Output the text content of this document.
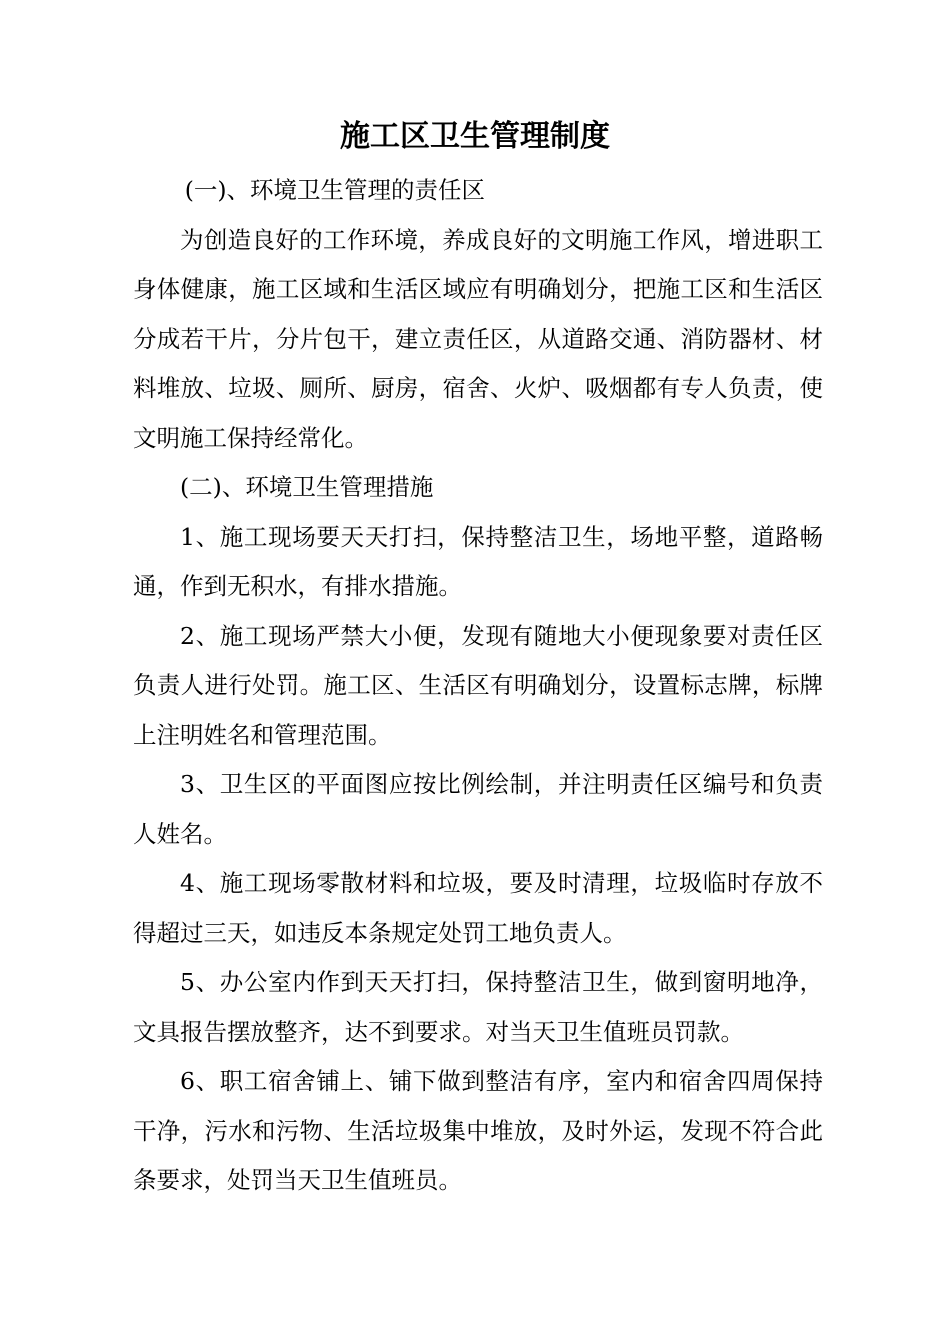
施工区卫生管理制度

(一)、环境卫生管理的责任区

为创造良好的工作环境，养成良好的文明施工作风，增进职工身体健康，施工区域和生活区域应有明确划分，把施工区和生活区分成若干片，分片包干，建立责任区，从道路交通、消防器材、材料堆放、垃圾、厕所、厨房，宿舍、火炉、吸烟都有专人负责，使文明施工保持经常化。

(二)、环境卫生管理措施

1、施工现场要天天打扫，保持整洁卫生，场地平整，道路畅通，作到无积水，有排水措施。

2、施工现场严禁大小便，发现有随地大小便现象要对责任区负责人进行处罚。施工区、生活区有明确划分，设置标志牌，标牌上注明姓名和管理范围。

3、卫生区的平面图应按比例绘制，并注明责任区编号和负责人姓名。

4、施工现场零散材料和垃圾，要及时清理，垃圾临时存放不得超过三天，如违反本条规定处罚工地负责人。

5、办公室内作到天天打扫，保持整洁卫生，做到窗明地净，文具报告摆放整齐，达不到要求。对当天卫生值班员罚款。

6、职工宿舍铺上、铺下做到整洁有序，室内和宿舍四周保持干净，污水和污物、生活垃圾集中堆放，及时外运，发现不符合此条要求，处罚当天卫生值班员。
